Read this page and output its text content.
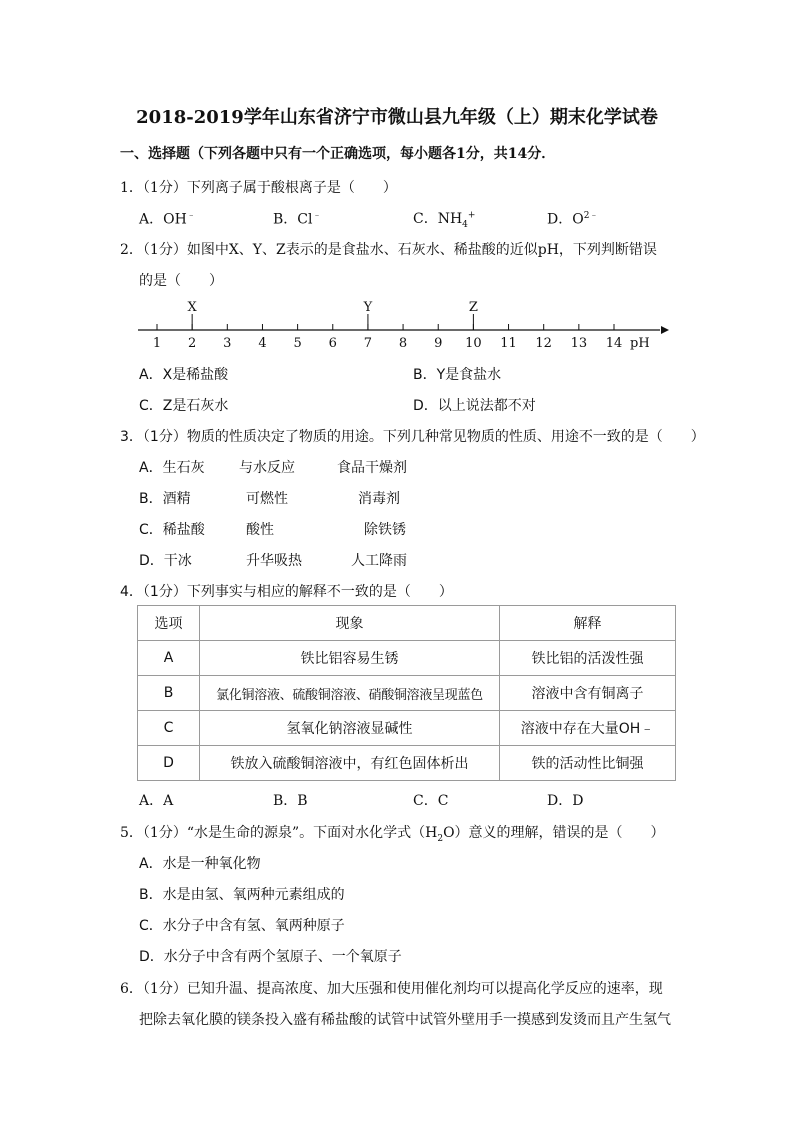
2018-2019学年山东省济宁市微山县九年级（上）期末化学试卷
一、选择题（下列各题中只有一个正确选项，每小题各1分，共14分．
1．（1分）下列离子属于酸根离子是（　　）
A．OH﹣	B．Cl﹣	C．$NH_4^+$	D．$O^{2﹣}$
2．（1分）如图中X、Y、Z表示的是食盐水、石灰水、稀盐酸的近似pH，下列判断错误
的是（　　）
1 2 3 4 5 6 7 8 9 10 11 12 13 14
X	Y	Z
pH
A．X是稀盐酸	B．Y是食盐水
C．Z是石灰水	D．以上说法都不对
3．（1分）物质的性质决定了物质的用途。下列几种常见物质的性质、用途不一致的是（　　）
A．生石灰 与水反应	食品干燥剂
B．酒精	可燃性	消毒剂
C．稀盐酸	酸性	除铁锈
D．干冰	升华吸热	人工降雨
4．（1分）下列事实与相应的解释不一致的是（　　）
选项	现象	解释
A	铁比铝容易生锈	铁比铝的活泼性强
B	氯化铜溶液、硫酸铜溶液、硝酸铜溶液呈现蓝色	溶液中含有铜离子
C	氢氧化钠溶液显碱性	溶液中存在大量OH﹣
D	铁放入硫酸铜溶液中，有红色固体析出	铁的活动性比铜强
A．A	B．B	C．C	D．D
5．（1分）“水是生命的源泉”。下面对水化学式$(H_2O)$意义的理解，错误的是（　　）
A．水是一种氧化物
B．水是由氢、氧两种元素组成的
C．水分子中含有氢、氧两种原子
D．水分子中含有两个氢原子、一个氧原子
6．（1分）已知升温、提高浓度、加大压强和使用催化剂均可以提高化学反应的速率，现
把除去氧化膜的镁条投入盛有稀盐酸的试管中试管外壁用手一摸感到发烫而且产生氢气
